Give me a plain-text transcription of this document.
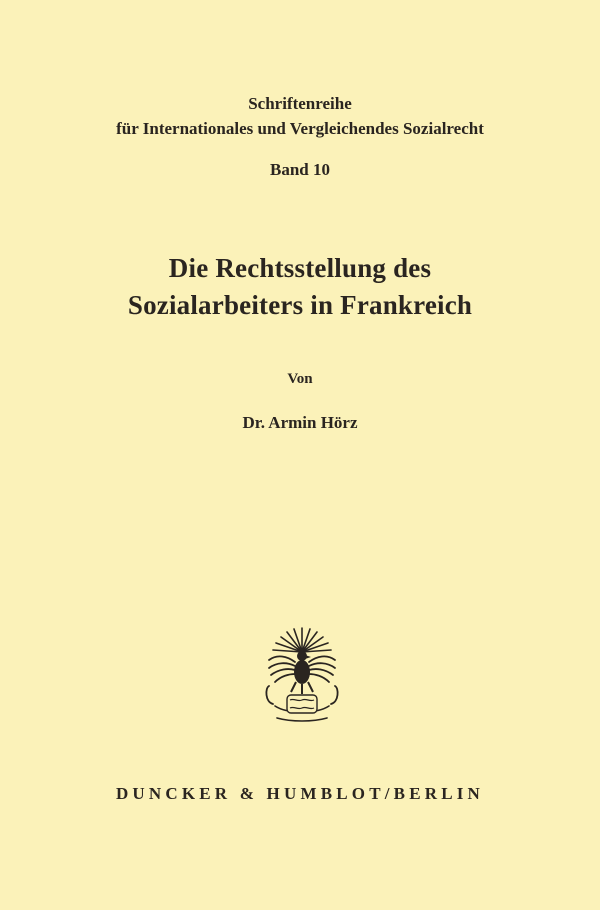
Schriftenreihe
für Internationales und Vergleichendes Sozialrecht
Band 10
Die Rechtsstellung des
Sozialarbeiters in Frankreich
Von
Dr. Armin Hörz
DUNCKER & HUMBLOT/BERLIN
